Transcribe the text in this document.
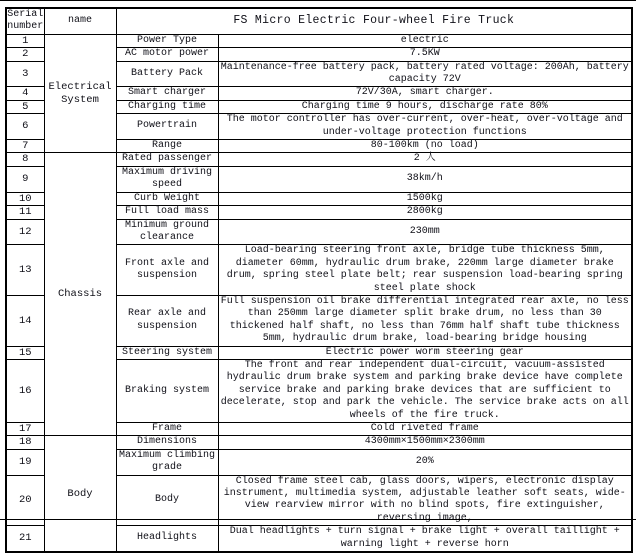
Serial number	name	FS Micro Electric Four-wheel Fire Truck	
1	Electrical System	Power Type	electric
2		AC motor power	7.5KW
3		Battery Pack	Maintenance-free battery pack, battery rated voltage: 200Ah, battery capacity 72V
4		Smart charger	72V/30A, smart charger.
5		Charging time	Charging time 9 hours, discharge rate 80%
6		Powertrain	The motor controller has over-current, over-heat, over-voltage and under-voltage protection functions
7		Range	80-100km (no load)
8	Chassis	Rated passenger	2 人
9		Maximum driving speed	38km/h
10		Curb Weight	1500kg
11		Full load mass	2800kg
12		Minimum ground clearance	230mm
13		Front axle and suspension	Load-bearing steering front axle, bridge tube thickness 5mm, diameter 60mm, hydraulic drum brake, 220mm large diameter brake drum, spring steel plate belt; rear suspension load-bearing spring steel plate shock
14		Rear axle and suspension	Full suspension oil brake differential integrated rear axle, no less than 250mm large diameter split brake drum, no less than 30 thickened half shaft, no less than 76mm half shaft tube thickness 5mm, hydraulic drum brake, load-bearing bridge housing
15		Steering system	Electric power worm steering gear
16		Braking system	The front and rear independent dual-circuit, vacuum-assisted hydraulic drum brake system and parking brake device have complete service brake and parking brake devices that are sufficient to decelerate, stop and park the vehicle. The service brake acts on all wheels of the fire truck.
17		Frame	Cold riveted frame
18	Body	Dimensions	4300mm×1500mm×2300mm
19		Maximum climbing grade	20%
20		Body	Closed frame steel cab, glass doors, wipers, electronic display instrument, multimedia system, adjustable leather soft seats, wide-view rearview mirror with no blind spots, fire extinguisher,
21		Headlights	Dual headlights + turn signal + brake light + overall taillight + warning light + reverse horn
